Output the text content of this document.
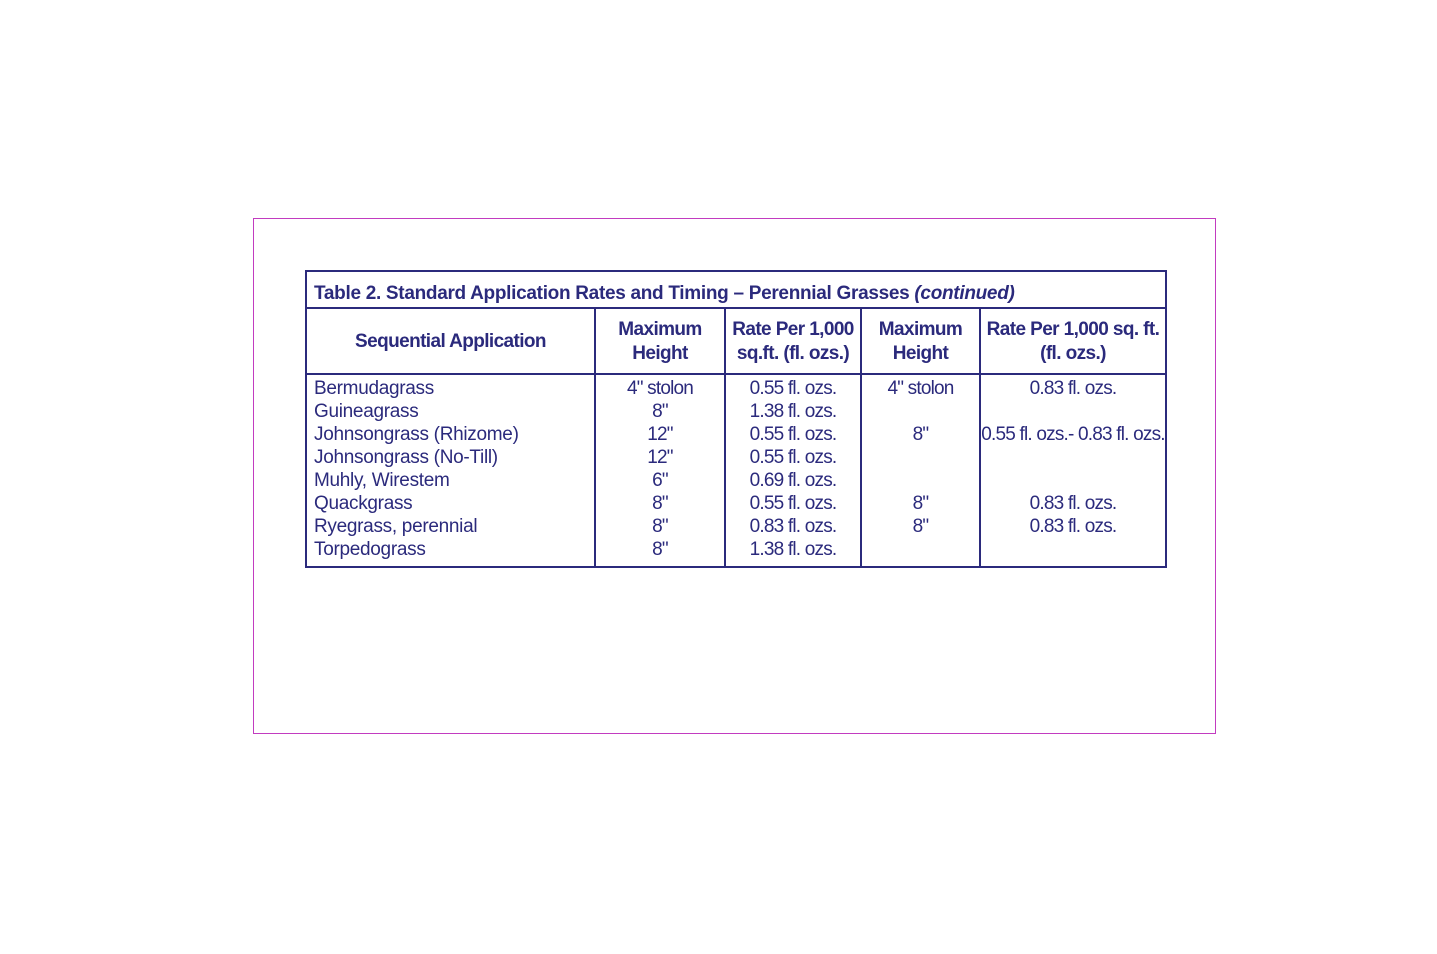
Table 2. Standard Application Rates and Timing – Perennial Grasses (continued)
Sequential Application
Maximum
Height
Rate Per 1,000
sq.ft. (fl. ozs.)
Maximum
Height
Rate Per 1,000 sq. ft.
(fl. ozs.)
Bermudagrass
Guineagrass
Johnsongrass (Rhizome)
Johnsongrass (No-Till)
Muhly, Wirestem
Quackgrass
Ryegrass, perennial
Torpedograss
4" stolon
8"
12"
12"
6"
8"
8"
8"
0.55 fl. ozs.
1.38 fl. ozs.
0.55 fl. ozs.
0.55 fl. ozs.
0.69 fl. ozs.
0.55 fl. ozs.
0.83 fl. ozs.
1.38 fl. ozs.
4" stolon
8"
8"
8"
0.83 fl. ozs.
0.55 fl. ozs.- 0.83 fl. ozs.
0.83 fl. ozs.
0.83 fl. ozs.
